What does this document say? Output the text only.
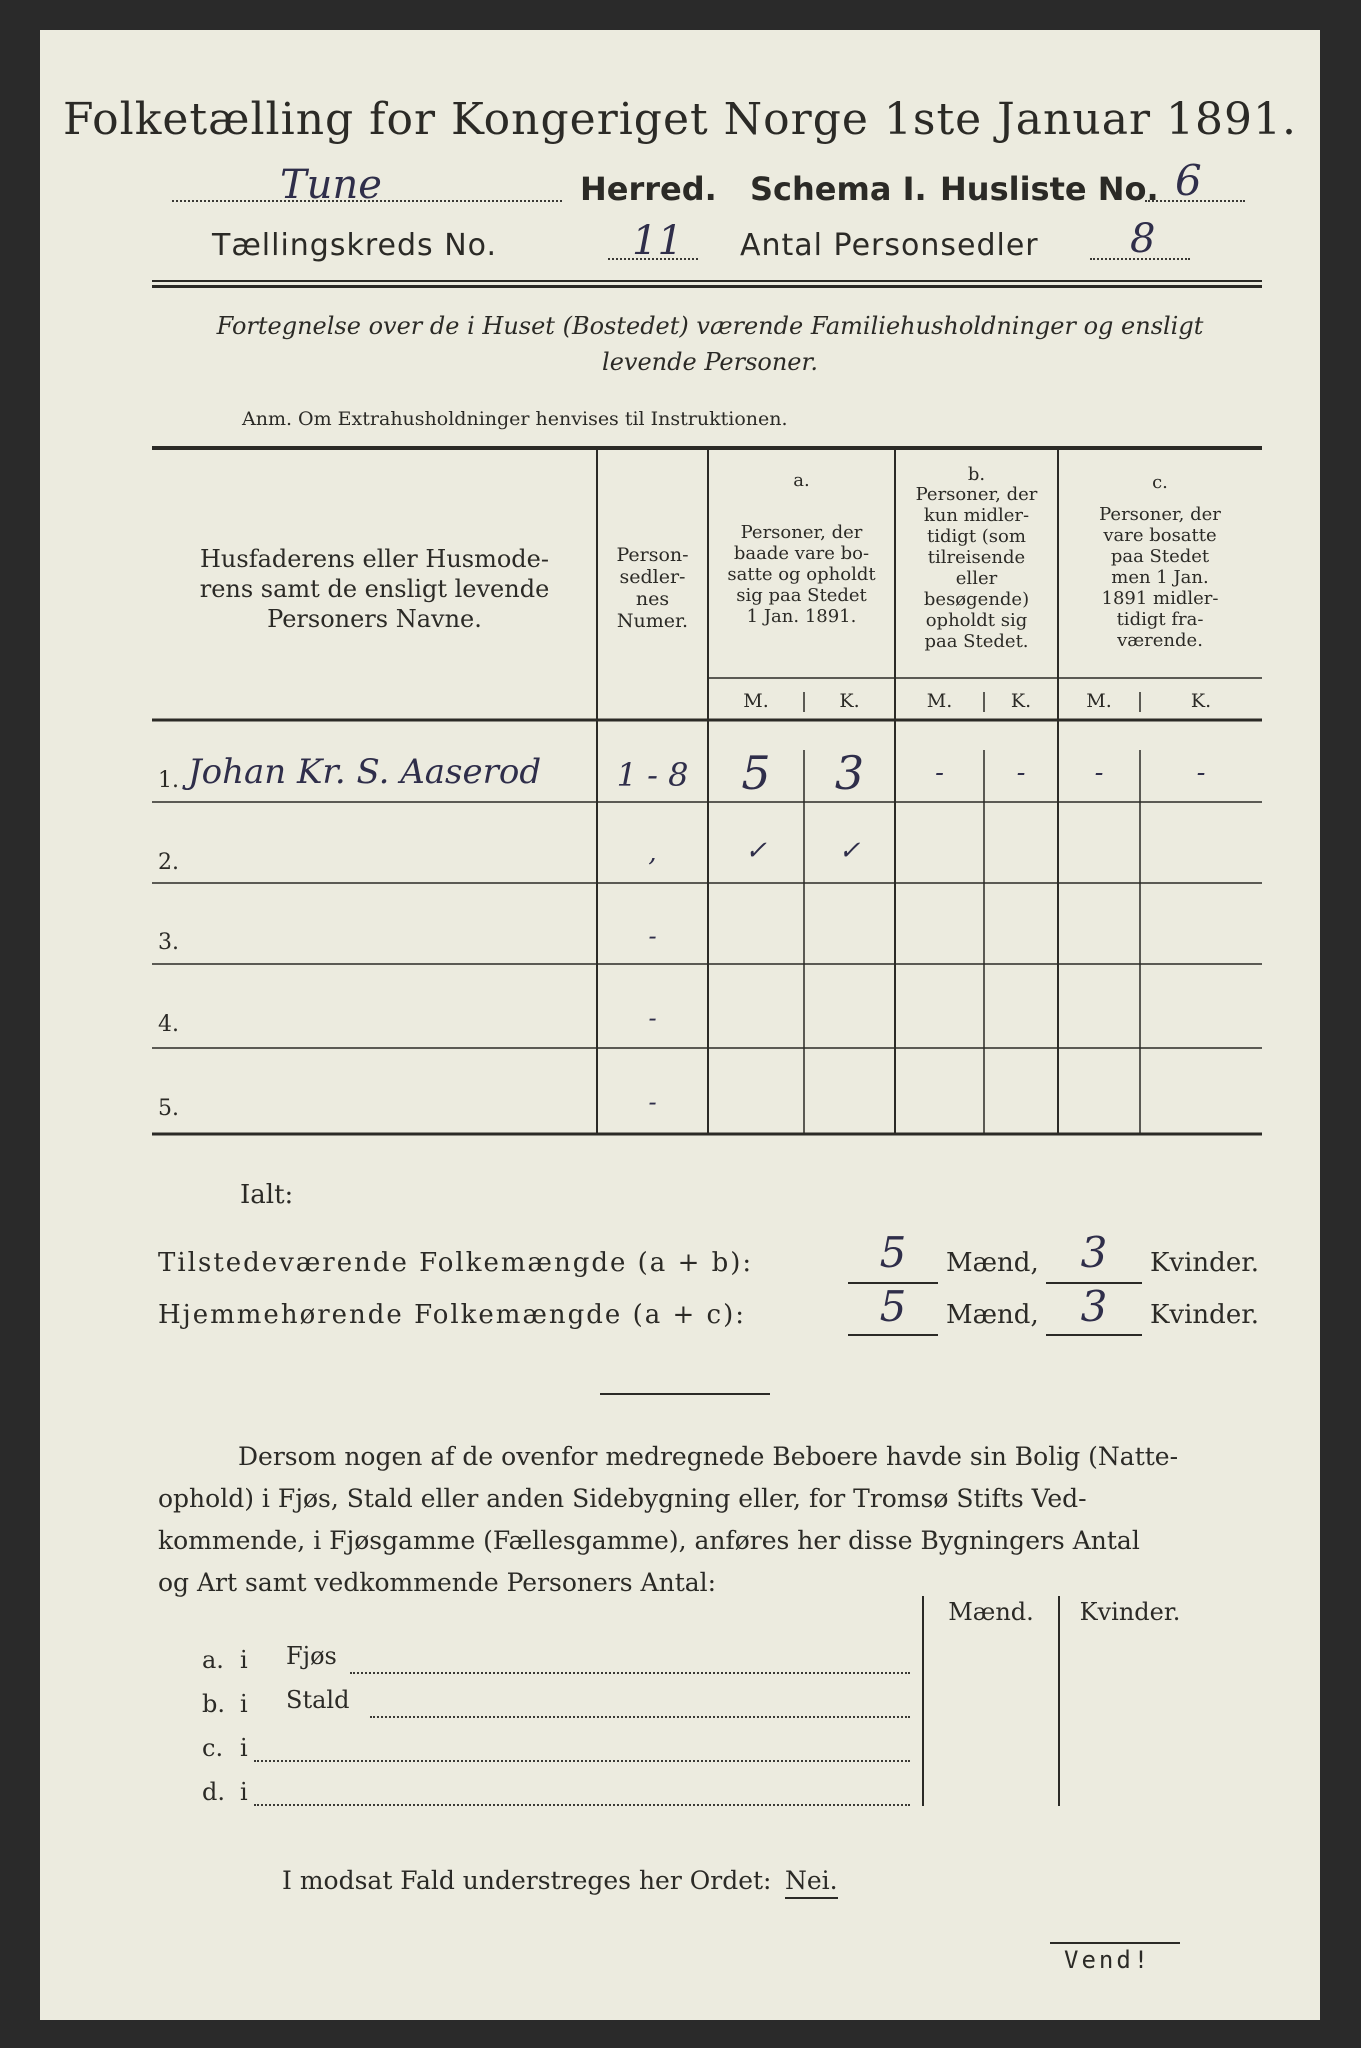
Folketælling for Kongeriget Norge 1ste Januar 1891.
Tune	Herred. Schema I. Husliste No. 6
Tællingskreds No.	11 Antal Personsedler 8
Fortegnelse over de i Huset (Bostedet) værende Familiehusholdninger og ensligt
levende Personer.
Anm. Om Extrahusholdninger henvises til Instruktionen.
Husfaderens eller Husmode-
rens samt de ensligt levende
Personers Navne.
Person-
sedler-
nes
Numer.
a.
Personer, der
baade vare bo-
satte og opholdt
sig paa Stedet
1 Jan. 1891.
b.
Personer, der
kun midler-
tidigt (som
tilreisende
eller
besøgende)
opholdt sig
paa Stedet.
c.
Personer, der
vare bosatte
paa Stedet
men 1 Jan.
1891 midler-
tidigt fra-
værende.
M.	K.	M.	K.	M.	K.
1. Johan Kr. S. Aaserod	1 - 8	5	3	-	-	-	-
2.	,	✓	✓
3.	-
4.	-
5.	-
Ialt:
Tilstedeværende Folkemængde (a + b):	5	Mænd, 3	Kvinder.
Hjemmehørende Folkemængde (a + c):	5	Mænd, 3	Kvinder.
Dersom nogen af de ovenfor medregnede Beboere havde sin Bolig (Natte-
ophold) i Fjøs, Stald eller anden Sidebygning eller, for Tromsø Stifts Ved-
kommende, i Fjøsgamme (Fællesgamme), anføres her disse Bygningers Antal
og Art samt vedkommende Personers Antal:
Mænd.	Kvinder.
a. i Fjøs
b. i Stald
c. i
d. i
I modsat Fald understreges her Ordet: Nei.
Vend!
